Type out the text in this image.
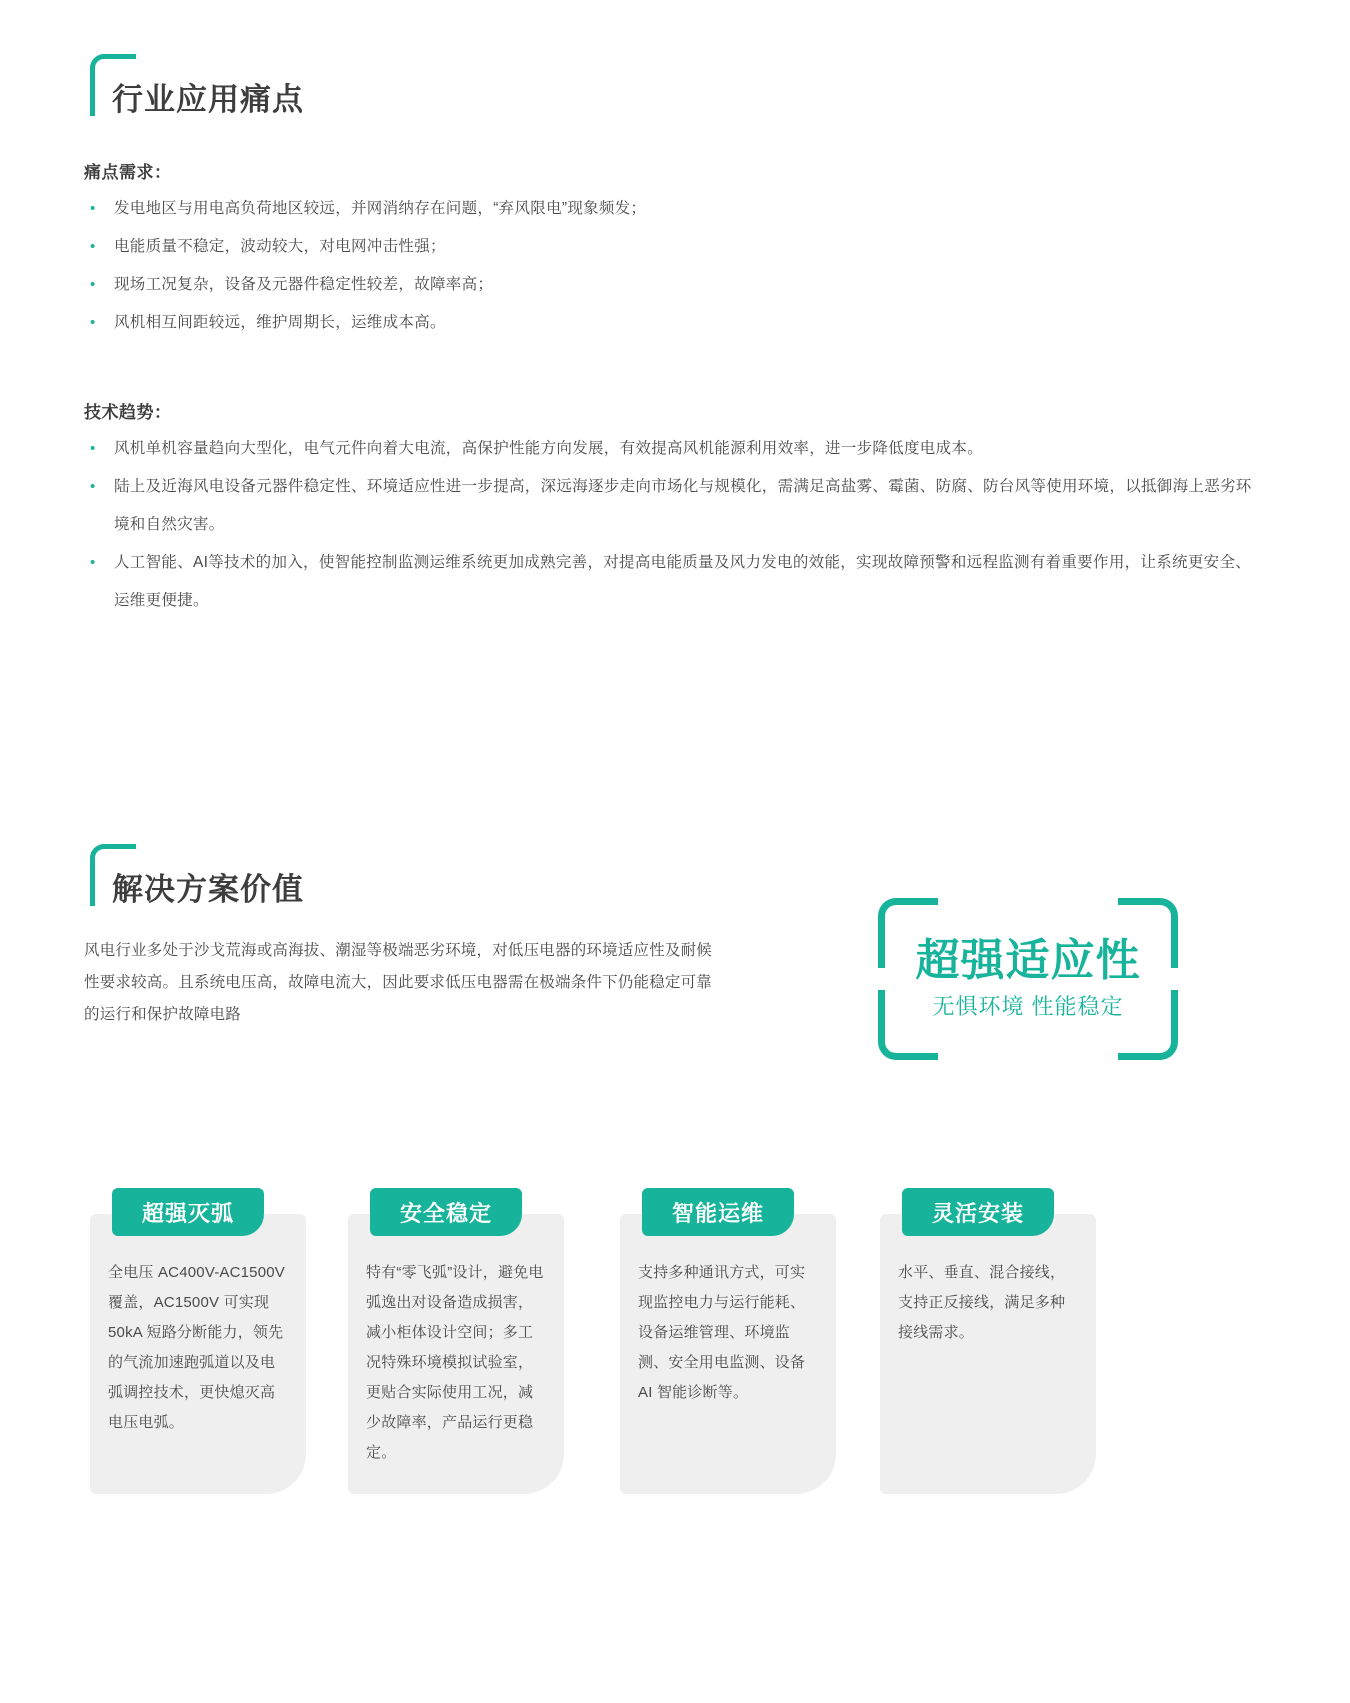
行业应用痛点
痛点需求：
• 发电地区与用电高负荷地区较远，并网消纳存在问题，“弃风限电”现象频发；
• 电能质量不稳定，波动较大，对电网冲击性强；
• 现场工况复杂，设备及元器件稳定性较差，故障率高；
• 风机相互间距较远，维护周期长，运维成本高。
技术趋势：
• 风机单机容量趋向大型化，电气元件向着大电流，高保护性能方向发展，有效提高风机能源利用效率，进一步降低度电成本。
• 陆上及近海风电设备元器件稳定性、环境适应性进一步提高，深远海逐步走向市场化与规模化，需满足高盐雾、霉菌、防腐、防台风等使用环境，以抵御海上恶劣环境和自然灾害。
• 人工智能、AI等技术的加入，使智能控制监测运维系统更加成熟完善，对提高电能质量及风力发电的效能，实现故障预警和远程监测有着重要作用，让系统更安全、运维更便捷。
解决方案价值
风电行业多处于沙戈荒海或高海拔、潮湿等极端恶劣环境，对低压电器的环境适应性及耐候性要求较高。且系统电压高，故障电流大，因此要求低压电器需在极端条件下仍能稳定可靠的运行和保护故障电路
超强适应性
无惧环境 性能稳定
超强灭弧
全电压 AC400V-AC1500V 覆盖，AC1500V 可实现 50kA 短路分断能力，领先的气流加速跑弧道以及电弧调控技术，更快熄灭高电压电弧。
安全稳定
特有“零飞弧”设计，避免电弧逸出对设备造成损害，减小柜体设计空间；多工况特殊环境模拟试验室，更贴合实际使用工况，减少故障率，产品运行更稳定。
智能运维
支持多种通讯方式，可实现监控电力与运行能耗、设备运维管理、环境监测、安全用电监测、设备 AI 智能诊断等。
灵活安装
水平、垂直、混合接线，支持正反接线，满足多种接线需求。
